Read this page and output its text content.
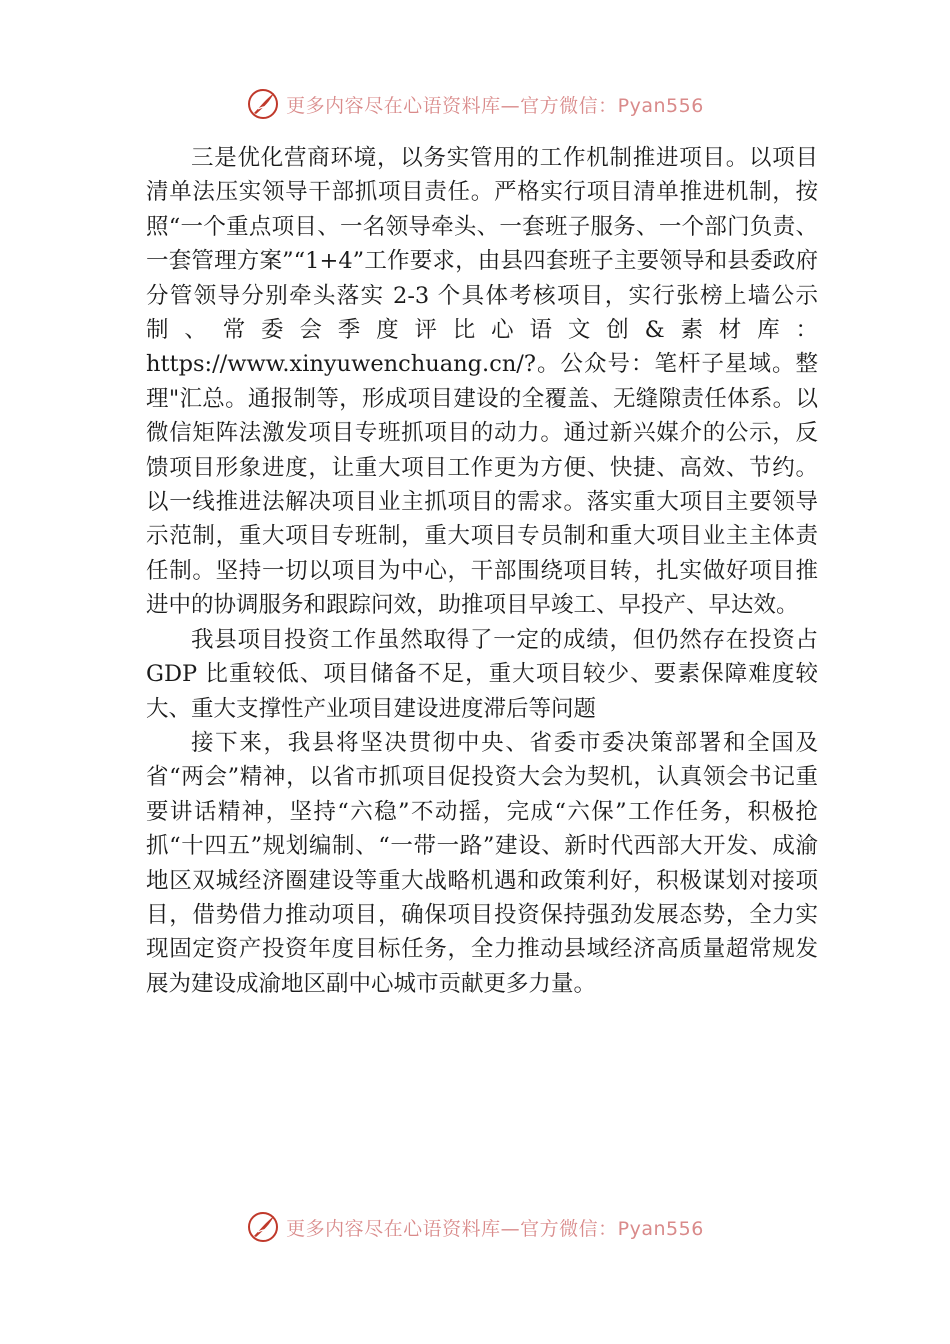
更多内容尽在心语资料库—官方微信：Pyan556

三是优化营商环境，以务实管用的工作机制推进项目。以项目清单法压实领导干部抓项目责任。严格实行项目清单推进机制，按照“一个重点项目、一名领导牵头、一套班子服务、一个部门负责、一套管理方案”“1+4”工作要求，由县四套班子主要领导和县委政府分管领导分别牵头落实 2-3 个具体考核项目，实行张榜上墙公示制、常委会季度评比心语文创&素材库：https://www.xinyuwenchuang.cn/?。公众号：笔杆子星域。整理"汇总。通报制等，形成项目建设的全覆盖、无缝隙责任体系。以微信矩阵法激发项目专班抓项目的动力。通过新兴媒介的公示，反馈项目形象进度，让重大项目工作更为方便、快捷、高效、节约。以一线推进法解决项目业主抓项目的需求。落实重大项目主要领导示范制，重大项目专班制，重大项目专员制和重大项目业主主体责任制。坚持一切以项目为中心，干部围绕项目转，扎实做好项目推进中的协调服务和跟踪问效，助推项目早竣工、早投产、早达效。

我县项目投资工作虽然取得了一定的成绩，但仍然存在投资占 GDP 比重较低、项目储备不足，重大项目较少、要素保障难度较大、重大支撑性产业项目建设进度滞后等问题

接下来，我县将坚决贯彻中央、省委市委决策部署和全国及省“两会”精神，以省市抓项目促投资大会为契机，认真领会书记重要讲话精神，坚持“六稳”不动摇，完成“六保”工作任务，积极抢抓“十四五”规划编制、“一带一路”建设、新时代西部大开发、成渝地区双城经济圈建设等重大战略机遇和政策利好，积极谋划对接项目，借势借力推动项目，确保项目投资保持强劲发展态势，全力实现固定资产投资年度目标任务，全力推动县域经济高质量超常规发展为建设成渝地区副中心城市贡献更多力量。

更多内容尽在心语资料库—官方微信：Pyan556
